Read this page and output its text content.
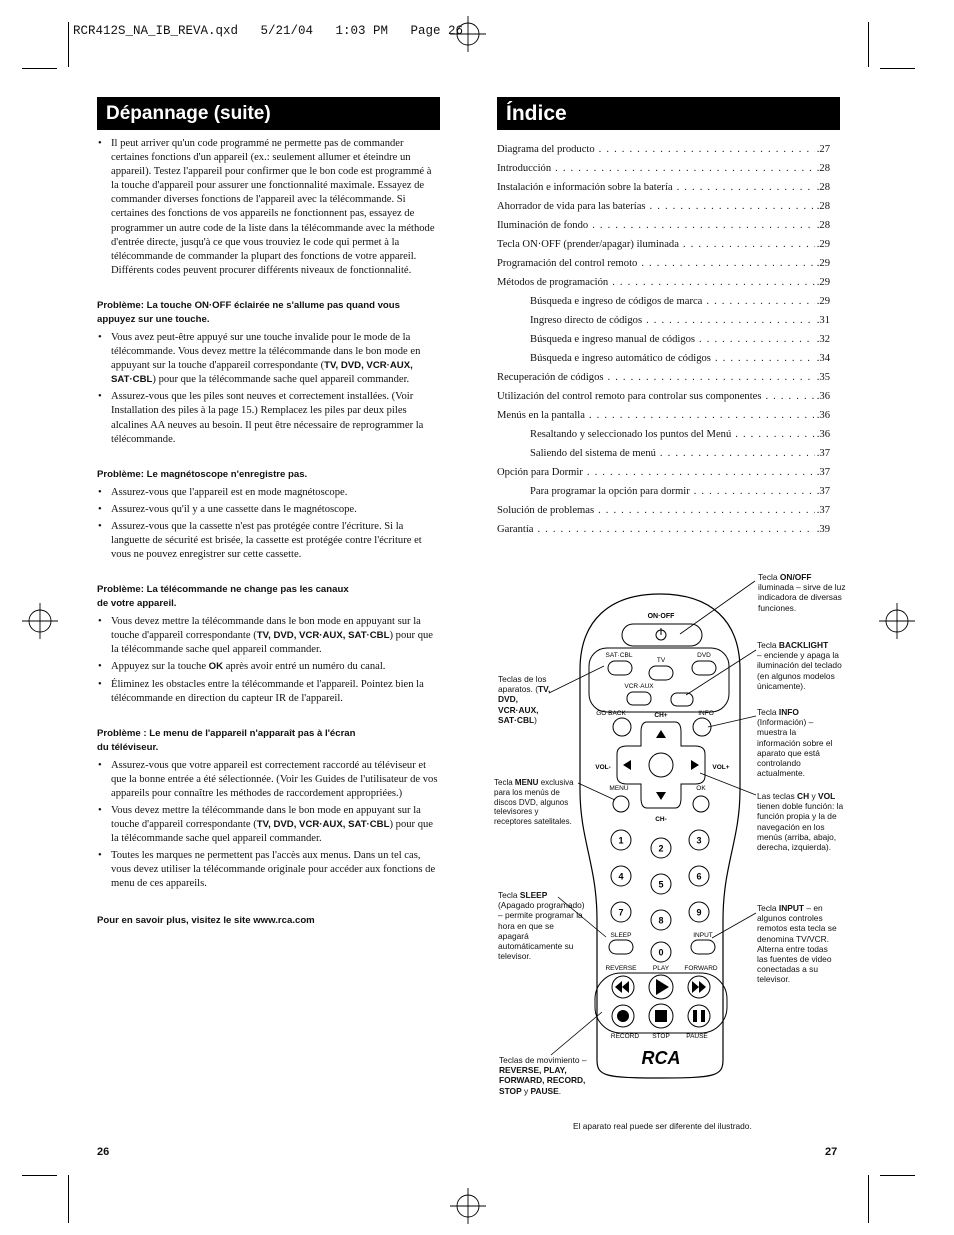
RCR412S_NA_IB_REVA.qxd   5/21/04   1:03 PM   Page 26
Dépannage (suite)
• Il peut arriver qu'un code programmé ne permette pas de commander certaines fonctions d'un appareil (ex.: seulement allumer et éteindre un appareil). Testez l'appareil pour confirmer que le bon code est programmé à la touche d'appareil pour assurer une fonctionnalité maximale. Essayez de commander diverses fonctions de l'appareil avec la télécommande. Si certaines des fonctions de vos appareils ne fonctionnent pas, essayez de programmer un autre code de la liste dans la télécommande avec la méthode d'entrée directe, jusqu'à ce que vous trouviez le code qui permet à la télécommande de commander la plupart des fonctions de votre appareil. Différents codes peuvent procurer différents niveaux de fonctionnalité.
Problème: La touche ON·OFF éclairée ne s'allume pas quand vous appuyez sur une touche.
• Vous avez peut-être appuyé sur une touche invalide pour le mode de la télécommande. Vous devez mettre la télécommande dans le bon mode en appuyant sur la touche d'appareil correspondante (TV, DVD, VCR·AUX, SAT·CBL) pour que la télécommande sache quel appareil commander.
• Assurez-vous que les piles sont neuves et correctement installées. (Voir Installation des piles à la page 15.) Remplacez les piles par deux piles alcalines AA neuves au besoin. Il peut être nécessaire de reprogrammer la télécommande.
Problème: Le magnétoscope n'enregistre pas.
• Assurez-vous que l'appareil est en mode magnétoscope.
• Assurez-vous qu'il y a une cassette dans le magnétoscope.
• Assurez-vous que la cassette n'est pas protégée contre l'écriture. Si la languette de sécurité est brisée, la cassette est protégée contre l'écriture et vous ne pouvez enregistrer sur cette cassette.
Problème: La télécommande ne change pas les canaux
de votre appareil.
• Vous devez mettre la télécommande dans le bon mode en appuyant sur la touche d'appareil correspondante (TV, DVD, VCR·AUX, SAT·CBL) pour que la télécommande sache quel appareil commander.
• Appuyez sur la touche OK après avoir entré un numéro du canal.
• Éliminez les obstacles entre la télécommande et l'appareil. Pointez bien la télécommande en direction du capteur IR de l'appareil.
Problème : Le menu de l'appareil n'apparaît pas à l'écran
du téléviseur.
• Assurez-vous que votre appareil est correctement raccordé au téléviseur et que la bonne entrée a été sélectionnée. (Voir les Guides de l'utilisateur de vos appareils pour connaître les méthodes de raccordement appropriées.)
• Vous devez mettre la télécommande dans le bon mode en appuyant sur la touche d'appareil correspondante (TV, DVD, VCR·AUX, SAT·CBL) pour que la télécommande sache quel appareil commander.
• Toutes les marques ne permettent pas l'accès aux menus. Dans un tel cas, vous devez utiliser la télécommande originale pour accéder aux fonctions de menu de ces appareils.
Pour en savoir plus, visitez le site www.rca.com
26
Índice
Diagrama del producto . . .	.27
Introducción . . .	.28
Instalación e información sobre la batería . . .	.28
Ahorrador de vida para las baterías . . .	.28
Iluminación de fondo . . .	.28
Tecla ON·OFF (prender/apagar) iluminada . . .	.29
Programación del control remoto . . .	.29
Métodos de programación . . .	.29
Búsqueda e ingreso de códigos de marca . . .	.29
Ingreso directo de códigos . . .	.31
Búsqueda e ingreso manual de códigos . . .	.32
Búsqueda e ingreso automático de códigos . . .	.34
Recuperación de códigos . . .	.35
Utilización del control remoto para controlar sus componentes . . .	.36
Menús en la pantalla . . .	.36
Resaltando y seleccionado los puntos del Menú . . .	.36
Saliendo del sistema de menú . . .	.37
Opción para Dormir . . .	.37
Para programar la opción para dormir . . .	.37
Solución de problemas . . .	.37
Garantía . . .	.39
ON·OFF
SAT·CBL
TV
DVD
VCR·AUX
GO BACK	CH+	INFO
VOL-	VOL+
MENU	OK
CH-
1
2
3
4
5
6
7
8
9
0
SLEEP	INPUT
REVERSE	PLAY FORWARD
RECORD STOP	PAUSE
RCA
Tecla ON/OFF
iluminada – sirve de luz indicadora de diversas funciones.
Tecla BACKLIGHT
– enciende y apaga la iluminación del teclado (en algunos modelos únicamente).
Teclas de los aparatos. (TV, DVD, VCR·AUX, SAT·CBL)
Tecla INFO
(Información) – muestra la información sobre el aparato que está controlando actualmente.
Tecla MENU exclusiva para los menús de discos DVD, algunos televisores y receptores satelitales.
Las teclas CH y VOL
tienen doble función: la función propia y la de navegación en los menús (arriba, abajo, derecha, izquierda).
Tecla SLEEP
(Apagado programado) – permite programar la hora en que se apagará automáticamente su televisor.
Tecla INPUT – en algunos controles remotos esta tecla se denomina TV/VCR. Alterna entre todas las fuentes de video conectadas a su televisor.
Teclas de movimiento –
REVERSE, PLAY, FORWARD, RECORD, STOP y PAUSE.
El aparato real puede ser diferente del ilustrado.
27
